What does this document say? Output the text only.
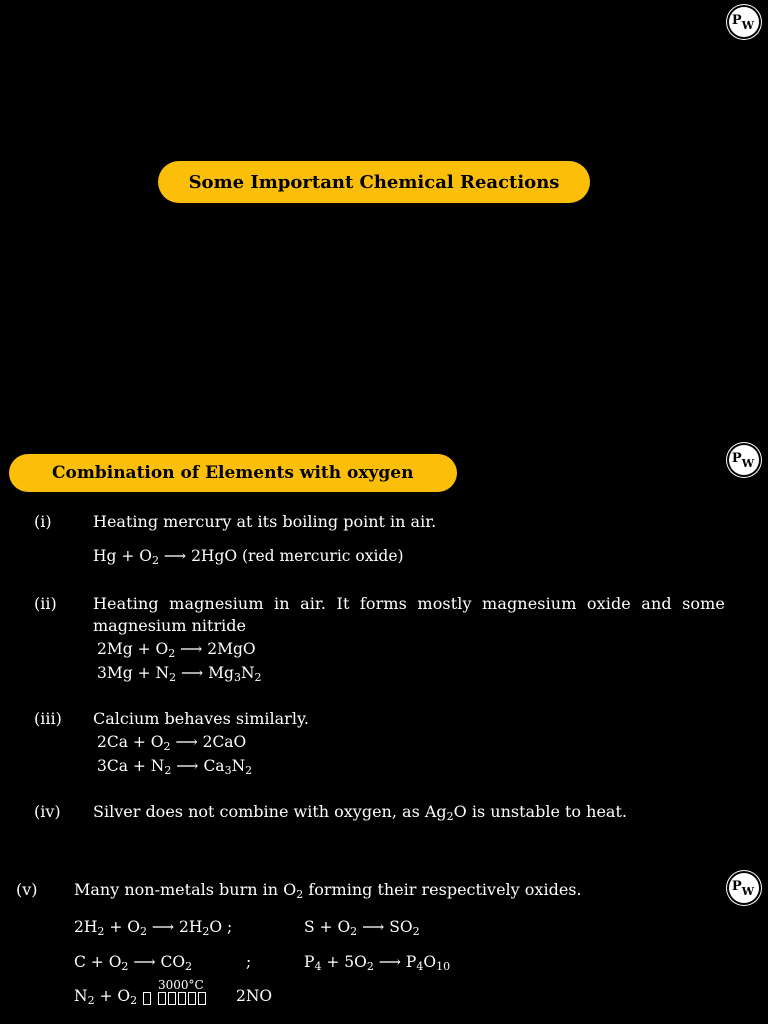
P W
P W
P W
Some Important Chemical Reactions
Combination of Elements with oxygen
(i)	Heating mercury at its boiling point in air.
$Hg + O_2$ ⟶ 2HgO (red mercuric oxide)
(ii) Heating magnesium in air. It forms mostly magnesium oxide and some
magnesium nitride
$2Mg + O_2$ ⟶ 2MgO
$3Mg + N_2$ ⟶ $Mg_3N_2$
(iii) Calcium behaves similarly.
$2Ca + O_2$ ⟶ 2CaO
$3Ca + N_2$ ⟶ $Ca_3N_2$
(iv) Silver does not combine with oxygen, as $Ag_2O$ is unstable to heat.
(v) Many non-metals burn in $O_2$ forming their respectively oxides.
$2H_2 + O_2$ ⟶ $2H_2O$ ;	$S + O_2$ ⟶ $SO_2$
$C + O_2$ ⟶ $CO_2$	;	$P_4 + 5O_2$ ⟶ $P_4O_{10}$
$N_2 + O_2$
3000°C

2NO
